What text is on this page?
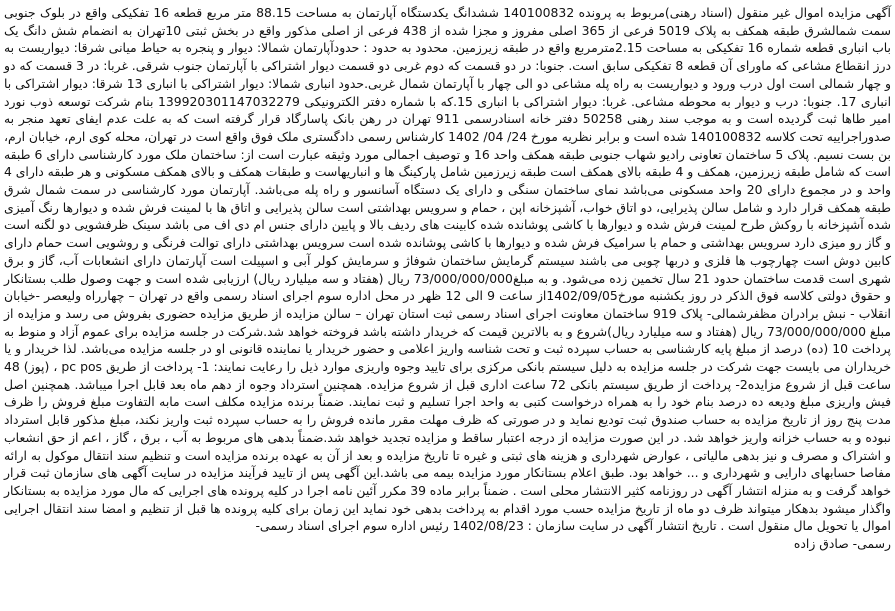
آگهی مزایده اموال غیر منقول (اسناد رهنی)مربوط به پرونده 140100832 ششدانگ یکدستگاه آپارتمان به مساحت 88.15 متر مربع قطعه 16 تفکیکی واقع در بلوک جنوبی سمت شمالشرق طبقه همکف به پلاک 5019 فرعی از 365 اصلی مفروز و مجزا شده از 438 فرعی از اصلی مذکور واقع در بخش ثبتی 10تهران به انضمام شش دانگ یک باب انباری قطعه شماره 16 تفکیکی به مساحت 2.15مترمربع واقع در طبقه زیرزمین. محدود به حدود : حدودآپارتمان شمالا: دیوار و پنجره به حیاط میانی شرقا: دیواریست به درز انقطاع مشاعی که ماورای آن قطعه 8 تفکیکی سابق است. جنوبا: در دو قسمت که دوم غربی دو قسمت دیوار اشتراکی با آپارتمان جنوب شرقی. غربا: در 3 قسمت که دو و چهار شمالی است اول درب ورود و دیواریست به راه پله مشاعی دو الی چهار با آپارتمان شمال غربی.حدود انباری شمالا: دیوار اشتراکی با انباری 13 شرقا: دیوار اشتراکی با انباری 17. جنوبا: درب و دیوار به محوطه مشاعی. غربا: دیوار اشتراکی با انباری 15.که با شماره دفتر الکترونیکی 139920301147032279 بنام شرکت توسعه ذوب نورد امیر طاها ثبت گردیده است و به موجب سند رهنی 50258 دفتر خانه اسنادرسمی 911 تهران در رهن بانک پاسارگاد قرار گرفته است که به علت عدم ایفای تعهد منجر به صدوراجراییه تحت کلاسه 140100832 شده است و برابر نظریه مورخ 24/ 04/ 1402 کارشناس رسمی دادگستری ملک فوق واقع است در تهران، محله کوی ارم، خیابان ارم، بن بست نسیم. پلاک 5 ساختمان تعاونی رادیو شهاب جنوبی طبقه همکف واحد 16 و توصیف اجمالی مورد وثیقه عبارت است از: ساختمان ملک مورد کارشناسی دارای 6 طبقه است که شامل طبقه زیرزمین، همکف و 4 طبقه بالای همکف است طبقه زیرزمین شامل پارکینگ ها و انباریهاست و طبقات همکف و بالای همکف مسکونی و هر طبقه دارای 4 واحد و در مجموع دارای 20 واحد مسکونی می‌باشد نمای ساختمان سنگی و دارای یک دستگاه آسانسور و راه پله می‌باشد. آپارتمان مورد کارشناسی در سمت شمال شرق طبقه همکف قرار دارد و شامل سالن پذیرایی، دو اتاق خواب، آشپزخانه اپن ، حمام و سرویس بهداشتی است سالن پذیرایی و اتاق ها با لمینت فرش شده و دیوارها رنگ آمیزی شده آشپزخانه با روکش طرح لمینت فرش شده و دیوارها با کاشی پوشانده شده کابینت های ردیف بالا و پایین دارای جنس ام دی اف می باشد سینک ظرفشویی دو لگنه است و گاز رو میزی دارد سرویس بهداشتی و حمام با سرامیک فرش شده و دیوارها با کاشی پوشانده شده است سرویس بهداشتی دارای توالت فرنگی و روشویی است حمام دارای کابین دوش است چهارچوب ها فلزی و دربها چوبی می باشند سیستم گرمایش ساختمان شوفاژ و سرمایش کولر آبی و اسپیلت است آپارتمان دارای انشعابات آب، گاز و برق شهری است قدمت ساختمان حدود 21 سال تخمین زده می‌شود. و به مبلغ73/000/000/000 ریال (هفتاد و سه میلیارد ریال) ارزیابی شده است و جهت وصول طلب بستانکار و حقوق دولتی کلاسه فوق الذکر در روز یکشنبه مورخ1402/09/05از ساعت 9 الی 12 ظهر در محل اداره سوم اجرای اسناد رسمی واقع در تهران – چهارراه ولیعصر -خیابان انقلاب - نبش برادران مظفرشمالی- پلاک 919 ساختمان معاونت اجرای اسناد رسمی ثبت استان تهران – سالن مزایده از طریق مزایده حضوری بفروش می رسد و مزایده از مبلغ 73/000/000/000 ریال (هفتاد و سه میلیارد ریال)شروع و به بالاترین قیمت که خریدار داشته باشد فروخته خواهد شد.شرکت در جلسه مزایده برای عموم آزاد و منوط به پرداخت 10 (ده) درصد از مبلغ پایه کارشناسی به حساب سپرده ثبت و تحت شناسه واریز اعلامی و حضور خریدار یا نماینده قانونی او در جلسه مزایده می‌باشد. لذا خریدار و یا خریداران می بایست جهت شرکت در جلسه مزایده به دلیل سیستم بانکی مرکزی برای تایید وجوه واریزی موارد ذیل را رعایت نمایند: 1- پرداخت از طریق pc pos ، (پوز) 48 ساعت قبل از شروع مزایده2- پرداخت از طریق سیستم بانکی 72 ساعت اداری قبل از شروع مزایده. همچنین استرداد وجوه از دهم ماه بعد قابل اجرا میباشد. همچنین اصل فیش واریزی مبلغ ودیعه ده درصد بنام خود را به همراه درخواست کتبی به واحد اجرا تسلیم و ثبت نمایند. ضمناً برنده مزایده مکلف است مابه التفاوت مبلغ فروش را ظرف مدت پنج روز از تاریخ مزایده به حساب صندوق ثبت تودیع نماید و در صورتی که ظرف مهلت مقرر مانده فروش را به حساب سپرده ثبت واریز نکند، مبلغ مذکور قابل استرداد نبوده و به حساب خزانه واریز خواهد شد. در این صورت مزایده از درجه اعتبار ساقط و مزایده تجدید خواهد شد.ضمناً بدهی های مربوط به آب ، برق ، گاز ، اعم از حق انشعاب و اشتراک و مصرف و نیز بدهی مالیاتی ، عوارض شهرداری و هزینه های ثبتی و غیره تا تاریخ مزایده و بعد از آن به عهده برنده مزایده است و تنظیم سند انتقال موکول به ارائه مفاصا حسابهای دارایی و شهرداری و ... خواهد بود. طبق اعلام بستانکار مورد مزایده بیمه می باشد.این آگهی پس از تایید فرآیند مزایده در سایت آگهی های سازمان ثبت قرار خواهد گرفت و به منزله انتشار آگهی در روزنامه کثیر الانتشار محلی است . ضمناً برابر ماده 39 مکرر آئین نامه اجرا در کلیه پرونده های اجرایی که مال مورد مزایده به بستانکار واگذار میشود بدهکار میتواند ظرف دو ماه از تاریخ مزایده حسب مورد اقدام به پرداخت بدهی خود نماید این زمان برای کلیه پرونده ها قبل از تنظیم و امضا سند انتقال اجرایی اموال یا تحویل مال منقول است . تاریخ انتشار آگهی در سایت سازمان : 1402/08/23 رئیس اداره سوم اجرای اسناد رسمی-

رسمی- صادق زاده
